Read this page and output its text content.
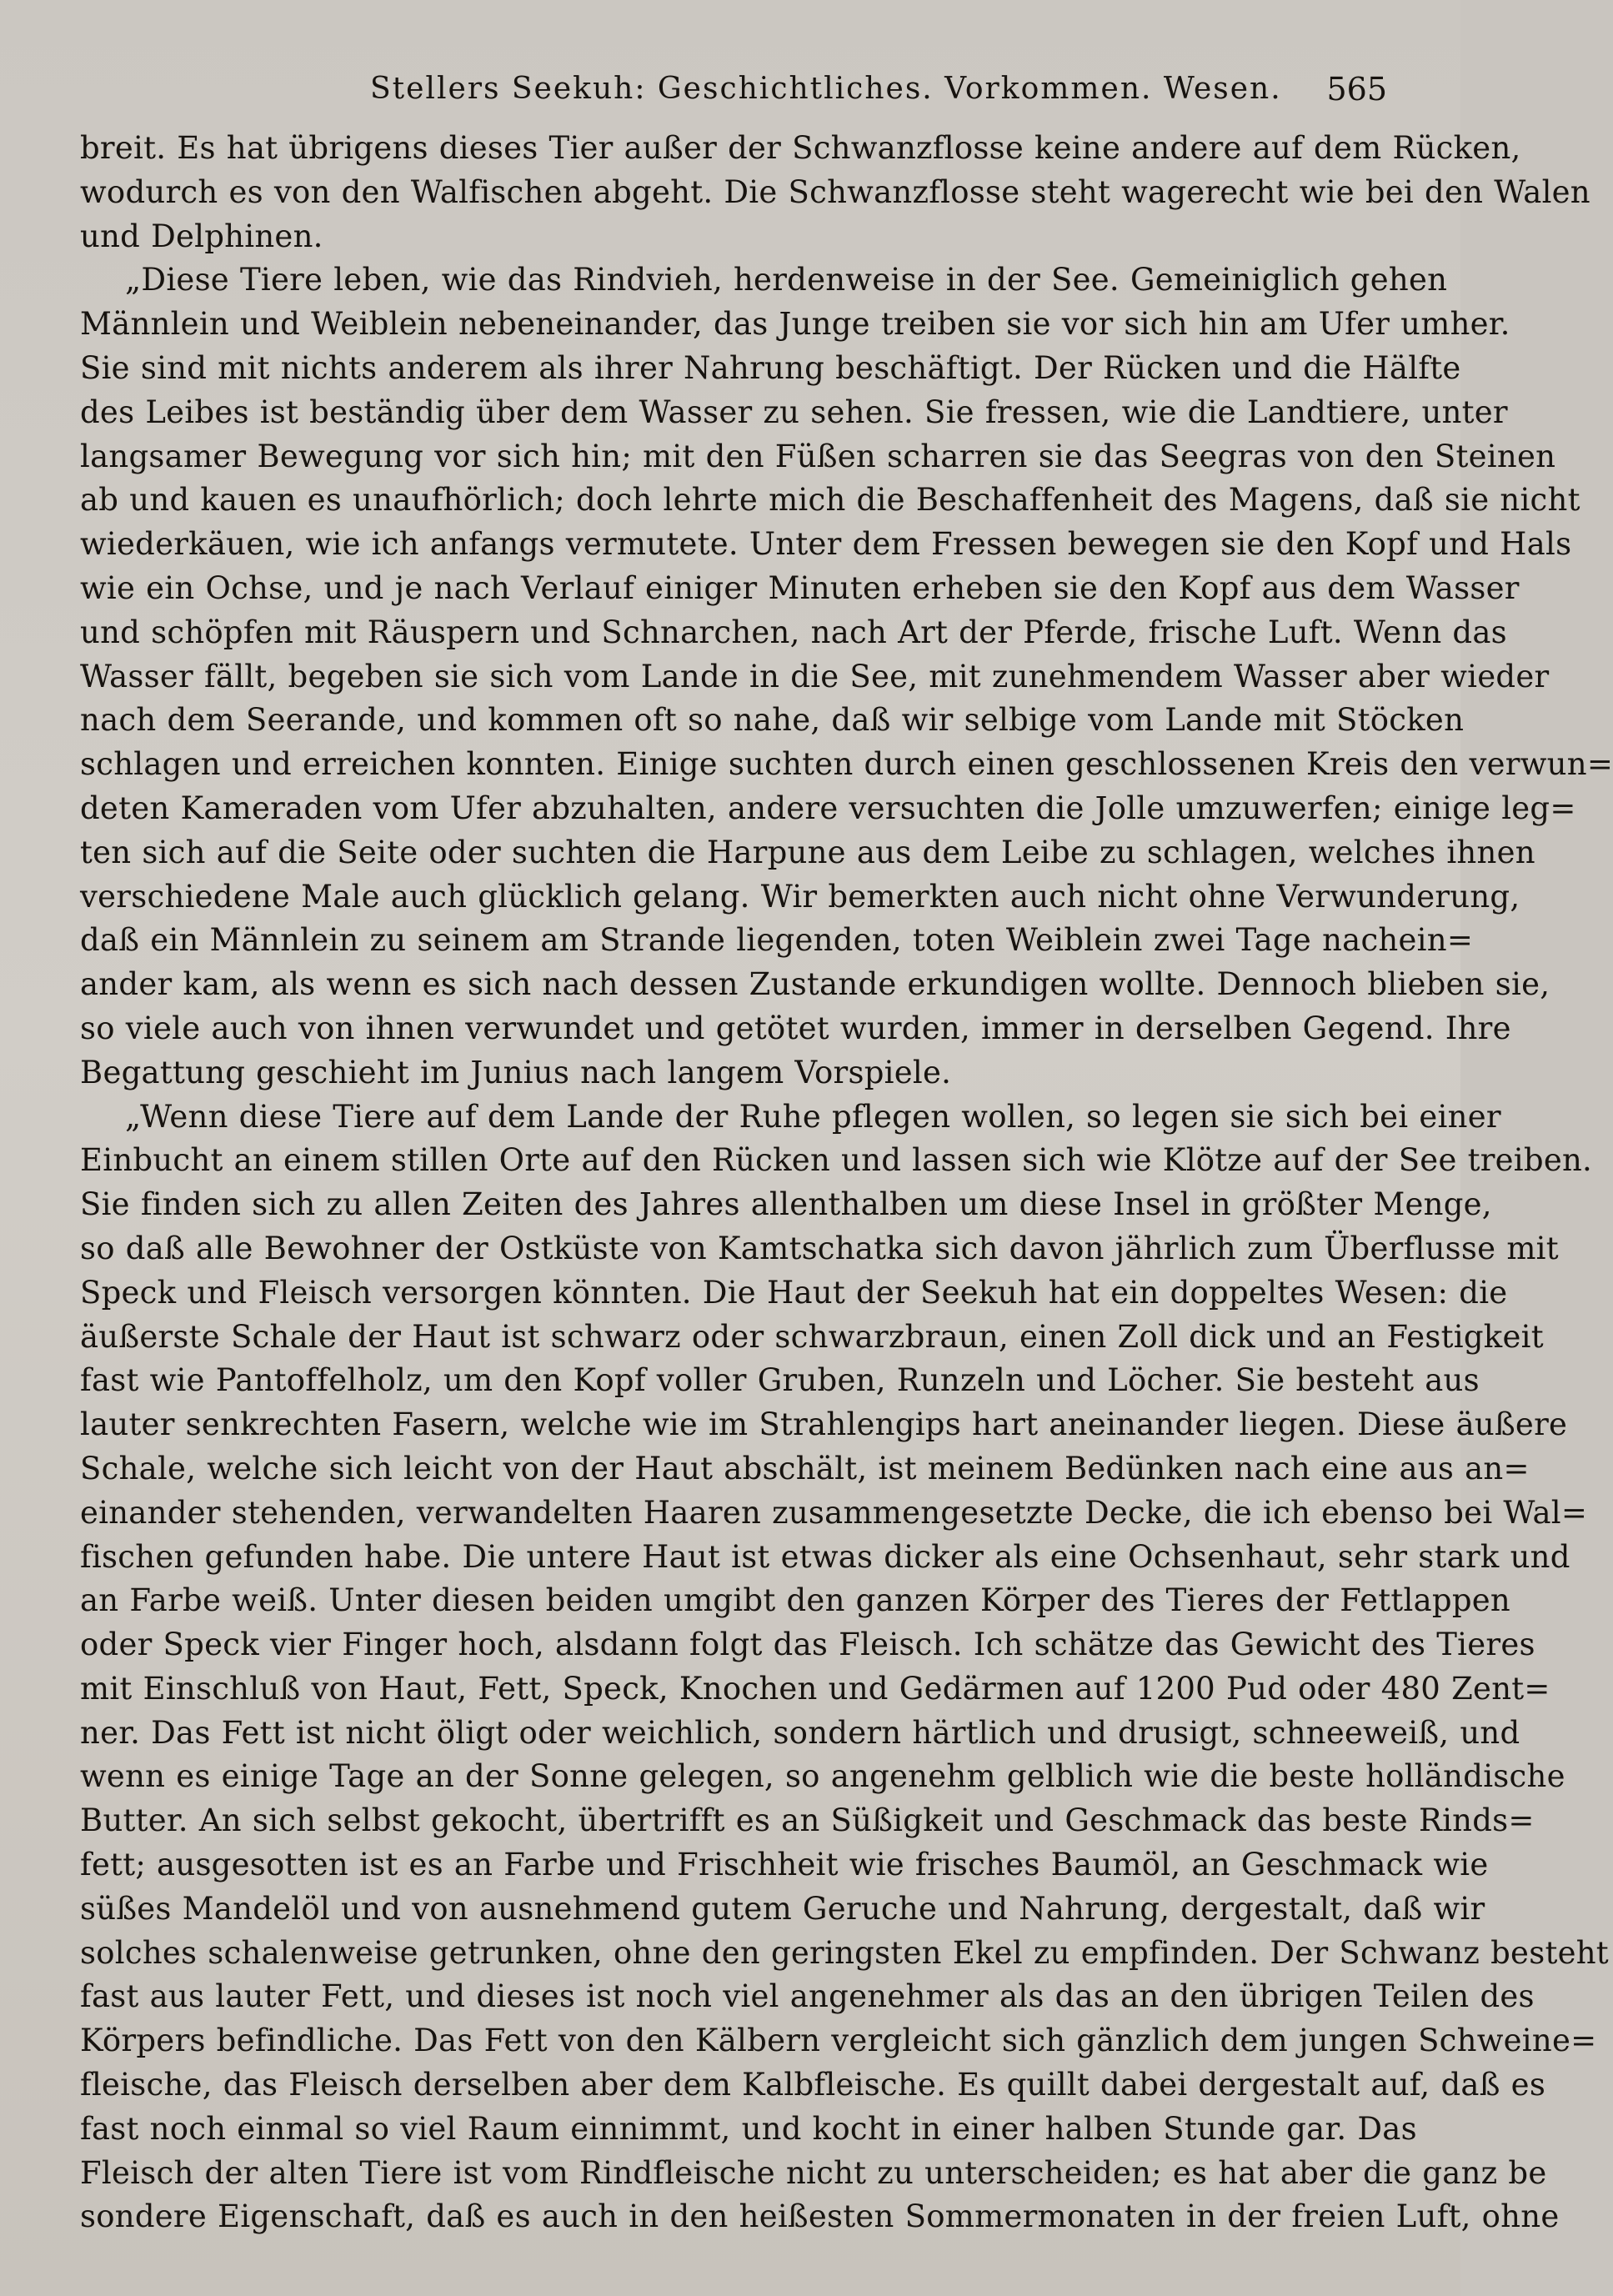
Stellers Seekuh: Geschichtliches. Vorkommen. Wesen. 565
breit. Es hat übrigens dieses Tier außer der Schwanzflosse keine andere auf dem Rücken,
wodurch es von den Walfischen abgeht. Die Schwanzflosse steht wagerecht wie bei den Walen
und Delphinen.
„Diese Tiere leben, wie das Rindvieh, herdenweise in der See. Gemeiniglich gehen
Männlein und Weiblein nebeneinander, das Junge treiben sie vor sich hin am Ufer umher.
Sie sind mit nichts anderem als ihrer Nahrung beschäftigt. Der Rücken und die Hälfte
des Leibes ist beständig über dem Wasser zu sehen. Sie fressen, wie die Landtiere, unter
langsamer Bewegung vor sich hin; mit den Füßen scharren sie das Seegras von den Steinen
ab und kauen es unaufhörlich; doch lehrte mich die Beschaffenheit des Magens, daß sie nicht
wiederkäuen, wie ich anfangs vermutete. Unter dem Fressen bewegen sie den Kopf und Hals
wie ein Ochse, und je nach Verlauf einiger Minuten erheben sie den Kopf aus dem Wasser
und schöpfen mit Räuspern und Schnarchen, nach Art der Pferde, frische Luft. Wenn das
Wasser fällt, begeben sie sich vom Lande in die See, mit zunehmendem Wasser aber wieder
nach dem Seerande, und kommen oft so nahe, daß wir selbige vom Lande mit Stöcken
schlagen und erreichen konnten. Einige suchten durch einen geschlossenen Kreis den verwun=
deten Kameraden vom Ufer abzuhalten, andere versuchten die Jolle umzuwerfen; einige leg=
ten sich auf die Seite oder suchten die Harpune aus dem Leibe zu schlagen, welches ihnen
verschiedene Male auch glücklich gelang. Wir bemerkten auch nicht ohne Verwunderung,
daß ein Männlein zu seinem am Strande liegenden, toten Weiblein zwei Tage nachein=
ander kam, als wenn es sich nach dessen Zustande erkundigen wollte. Dennoch blieben sie,
so viele auch von ihnen verwundet und getötet wurden, immer in derselben Gegend. Ihre
Begattung geschieht im Junius nach langem Vorspiele.
„Wenn diese Tiere auf dem Lande der Ruhe pflegen wollen, so legen sie sich bei einer
Einbucht an einem stillen Orte auf den Rücken und lassen sich wie Klötze auf der See treiben.
Sie finden sich zu allen Zeiten des Jahres allenthalben um diese Insel in größter Menge,
so daß alle Bewohner der Ostküste von Kamtschatka sich davon jährlich zum Überflusse mit
Speck und Fleisch versorgen könnten. Die Haut der Seekuh hat ein doppeltes Wesen: die
äußerste Schale der Haut ist schwarz oder schwarzbraun, einen Zoll dick und an Festigkeit
fast wie Pantoffelholz, um den Kopf voller Gruben, Runzeln und Löcher. Sie besteht aus
lauter senkrechten Fasern, welche wie im Strahlengips hart aneinander liegen. Diese äußere
Schale, welche sich leicht von der Haut abschält, ist meinem Bedünken nach eine aus an=
einander stehenden, verwandelten Haaren zusammengesetzte Decke, die ich ebenso bei Wal=
fischen gefunden habe. Die untere Haut ist etwas dicker als eine Ochsenhaut, sehr stark und
an Farbe weiß. Unter diesen beiden umgibt den ganzen Körper des Tieres der Fettlappen
oder Speck vier Finger hoch, alsdann folgt das Fleisch. Ich schätze das Gewicht des Tieres
mit Einschluß von Haut, Fett, Speck, Knochen und Gedärmen auf 1200 Pud oder 480 Zent=
ner. Das Fett ist nicht öligt oder weichlich, sondern härtlich und drusigt, schneeweiß, und
wenn es einige Tage an der Sonne gelegen, so angenehm gelblich wie die beste holländische
Butter. An sich selbst gekocht, übertrifft es an Süßigkeit und Geschmack das beste Rinds=
fett; ausgesotten ist es an Farbe und Frischheit wie frisches Baumöl, an Geschmack wie
süßes Mandelöl und von ausnehmend gutem Geruche und Nahrung, dergestalt, daß wir
solches schalenweise getrunken, ohne den geringsten Ekel zu empfinden. Der Schwanz besteht
fast aus lauter Fett, und dieses ist noch viel angenehmer als das an den übrigen Teilen des
Körpers befindliche. Das Fett von den Kälbern vergleicht sich gänzlich dem jungen Schweine=
fleische, das Fleisch derselben aber dem Kalbfleische. Es quillt dabei dergestalt auf, daß es
fast noch einmal so viel Raum einnimmt, und kocht in einer halben Stunde gar. Das
Fleisch der alten Tiere ist vom Rindfleische nicht zu unterscheiden; es hat aber die ganz be
sondere Eigenschaft, daß es auch in den heißesten Sommermonaten in der freien Luft, ohne
